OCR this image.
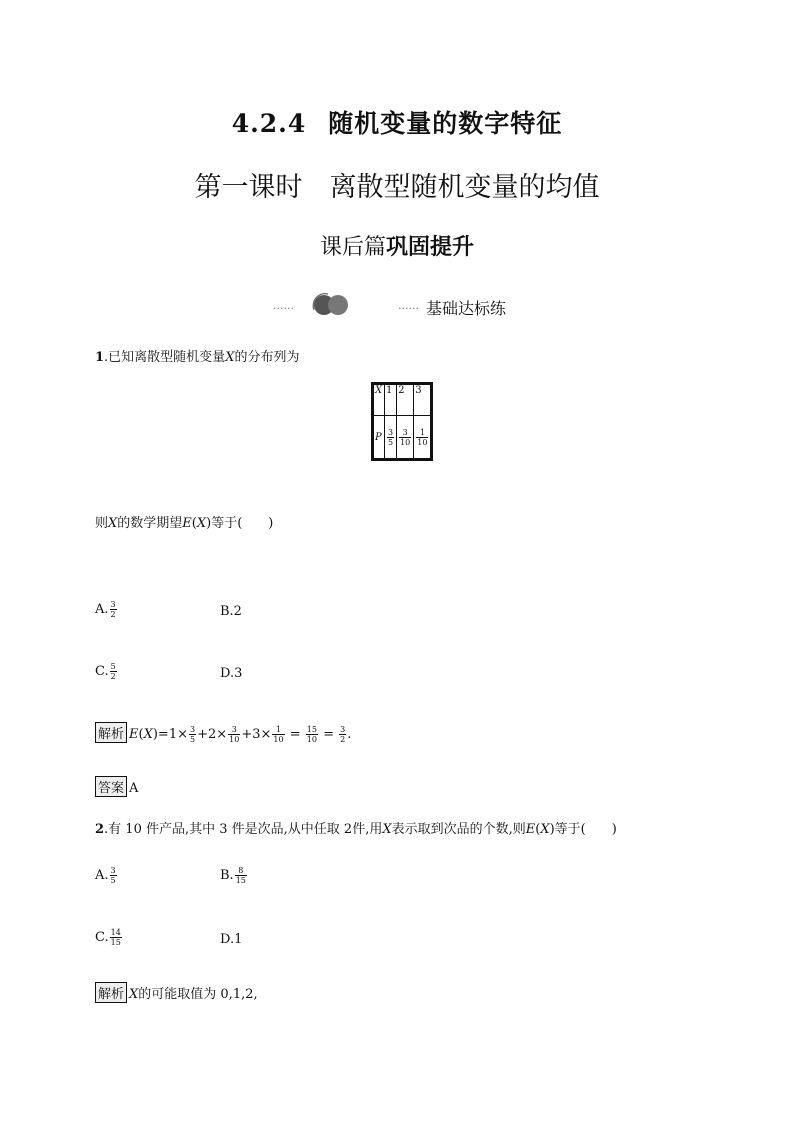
4.2.4 随机变量的数字特征
第一课时　离散型随机变量的均值
课后篇巩固提升
······	······ 基础达标练
1.已知离散型随机变量X的分布列为
X	1	2	3
P	$\frac{3}{5}$	$\frac{3}{10}$	$\frac{1}{10}$
则X的数学期望E(X)等于(　　)
A. $\frac{3}{2}$	B.2
C. $\frac{5}{2}$	D.3
解析 $E(X)=1\times \frac{3}{5} +2\times \frac{3}{10} +3\times \frac{1}{10} = \frac{15}{10} = \frac{3}{2}$ .
答案 A
2.有 10 件产品,其中 3 件是次品,从中任取 2件,用X表示取到次品的个数,则E(X)等于(　　)
A. $\frac{3}{5}$	B. $\frac{8}{15}$
C. $\frac{14}{15}$	D.1
解析 X的可能取值为 0,1,2,
